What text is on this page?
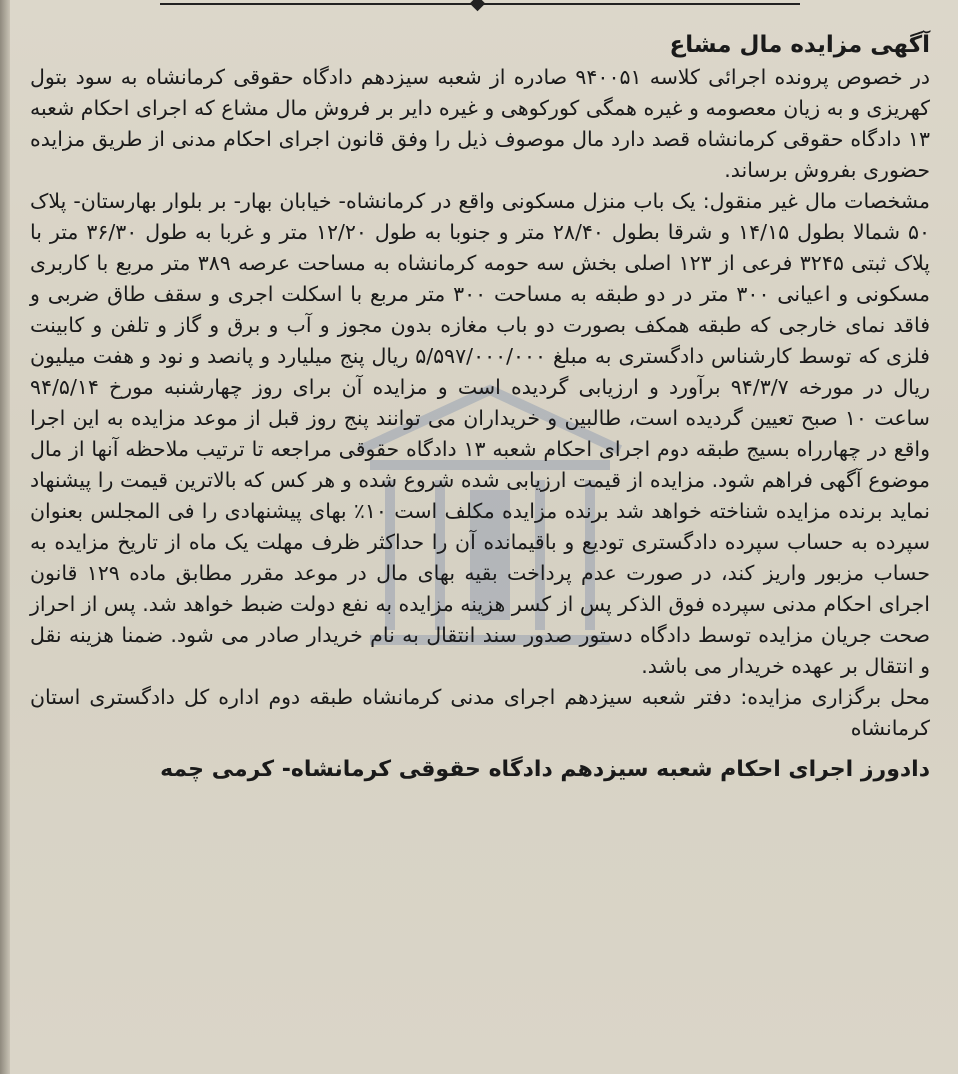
آگهی مزایده مال مشاع

در خصوص پرونده اجرائی کلاسه ۹۴۰۰۵۱ صادره از شعبه سیزدهم دادگاه حقوقی کرمانشاه به سود بتول کهریزی و به زیان معصومه و غیره همگی کورکوهی و غیره دایر بر فروش مال مشاع که اجرای احکام شعبه ۱۳ دادگاه حقوقی کرمانشاه قصد دارد مال موصوف ذیل را وفق قانون اجرای احکام مدنی از طریق مزایده حضوری بفروش برساند.

مشخصات مال غیر منقول: یک باب منزل مسکونی واقع در کرمانشاه- خیابان بهار- بر بلوار بهارستان- پلاک ۵۰ شمالا بطول ۱۴/۱۵ و شرقا بطول ۲۸/۴۰ متر و جنوبا به طول ۱۲/۲۰ متر و غربا به طول ۳۶/۳۰ متر با پلاک ثبتی ۳۲۴۵ فرعی از ۱۲۳ اصلی بخش سه حومه کرمانشاه به مساحت عرصه ۳۸۹ متر مربع با کاربری مسکونی و اعیانی ۳۰۰ متر در دو طبقه به مساحت ۳۰۰ متر مربع با اسکلت اجری و سقف طاق ضربی و فاقد نمای خارجی که طبقه همکف بصورت دو باب مغازه بدون مجوز و آب و برق و گاز و تلفن و کابینت فلزی که توسط کارشناس دادگستری به مبلغ ۵/۵۹۷/۰۰۰/۰۰۰ ریال پنج میلیارد و پانصد و نود و هفت میلیون ریال در مورخه ۹۴/۳/۷ برآورد و ارزیابی گردیده است و مزایده آن برای روز چهارشنبه مورخ ۹۴/۵/۱۴ ساعت ۱۰ صبح تعیین گردیده است، طالبین و خریداران می توانند پنج روز قبل از موعد مزایده به این اجرا واقع در چهارراه بسیج طبقه دوم اجرای احکام شعبه ۱۳ دادگاه حقوقی مراجعه تا ترتیب ملاحظه آنها از مال موضوع آگهی فراهم شود. مزایده از قیمت ارزیابی شده شروع شده و هر کس که بالاترین قیمت را پیشنهاد نماید برنده مزایده شناخته خواهد شد برنده مزایده مکلف است ۱۰٪ بهای پیشنهادی را فی المجلس بعنوان سپرده به حساب سپرده دادگستری تودیع و باقیمانده آن را حداکثر ظرف مهلت یک ماه از تاریخ مزایده به حساب مزبور واریز کند، در صورت عدم پرداخت بقیه بهای مال در موعد مقرر مطابق ماده ۱۲۹ قانون اجرای احکام مدنی سپرده فوق الذکر پس از کسر هزینه مزایده به نفع دولت ضبط خواهد شد. پس از احراز صحت جریان مزایده توسط دادگاه دستور صدور سند انتقال به نام خریدار صادر می شود. ضمنا هزینه نقل و انتقال بر عهده خریدار می باشد.

محل برگزاری مزایده: دفتر شعبه سیزدهم اجرای مدنی کرمانشاه طبقه دوم اداره کل دادگستری استان کرمانشاه

دادورز اجرای احکام شعبه سیزدهم دادگاه حقوقی کرمانشاه- کرمی چمه
